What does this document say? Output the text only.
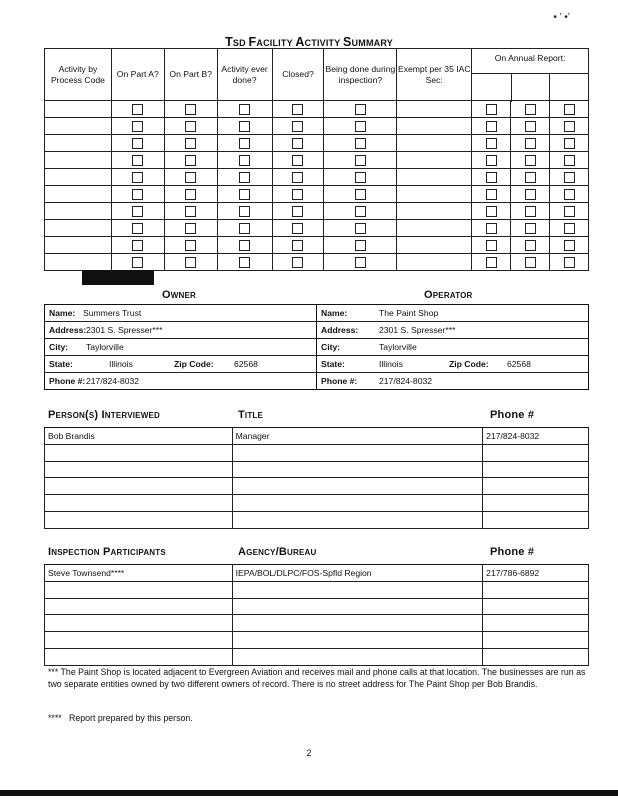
• ’ •’
TSD FACILITY ACTIVITY SUMMARY
Activity by Process Code	On Part A?	On Part B?	Activity ever done?	Closed?	Being done during inspection?	Exempt per 35 IAC Sec:	On Annual Report:		

Owner	Operator
Name: Summers Trust	Name: The Paint Shop
Address:2301 S. Spresser***	Address: 2301 S. Spresser***
City: Taylorville	City: Taylorville
State: Illinois Zip Code: 62568	State: Illinois Zip Code: 62568
Phone #:217/824-8032	Phone #: 217/824-8032
Person(s) Interviewed	Title	Phone #
Bob Brandis	Manager	217/824-8032

Inspection Participants	Agency/Bureau	Phone #
Steve Townsend****	IEPA/BOL/DLPC/FOS-Spfld Region	217/786-6892

*** The Paint Shop is located adjacent to Evergreen Aviation and receives mail and phone calls at that location. The businesses are run as two separate entities owned by two different owners of record. There is no street address for The Paint Shop per Bob Brandis.
****   Report prepared by this person.
2
